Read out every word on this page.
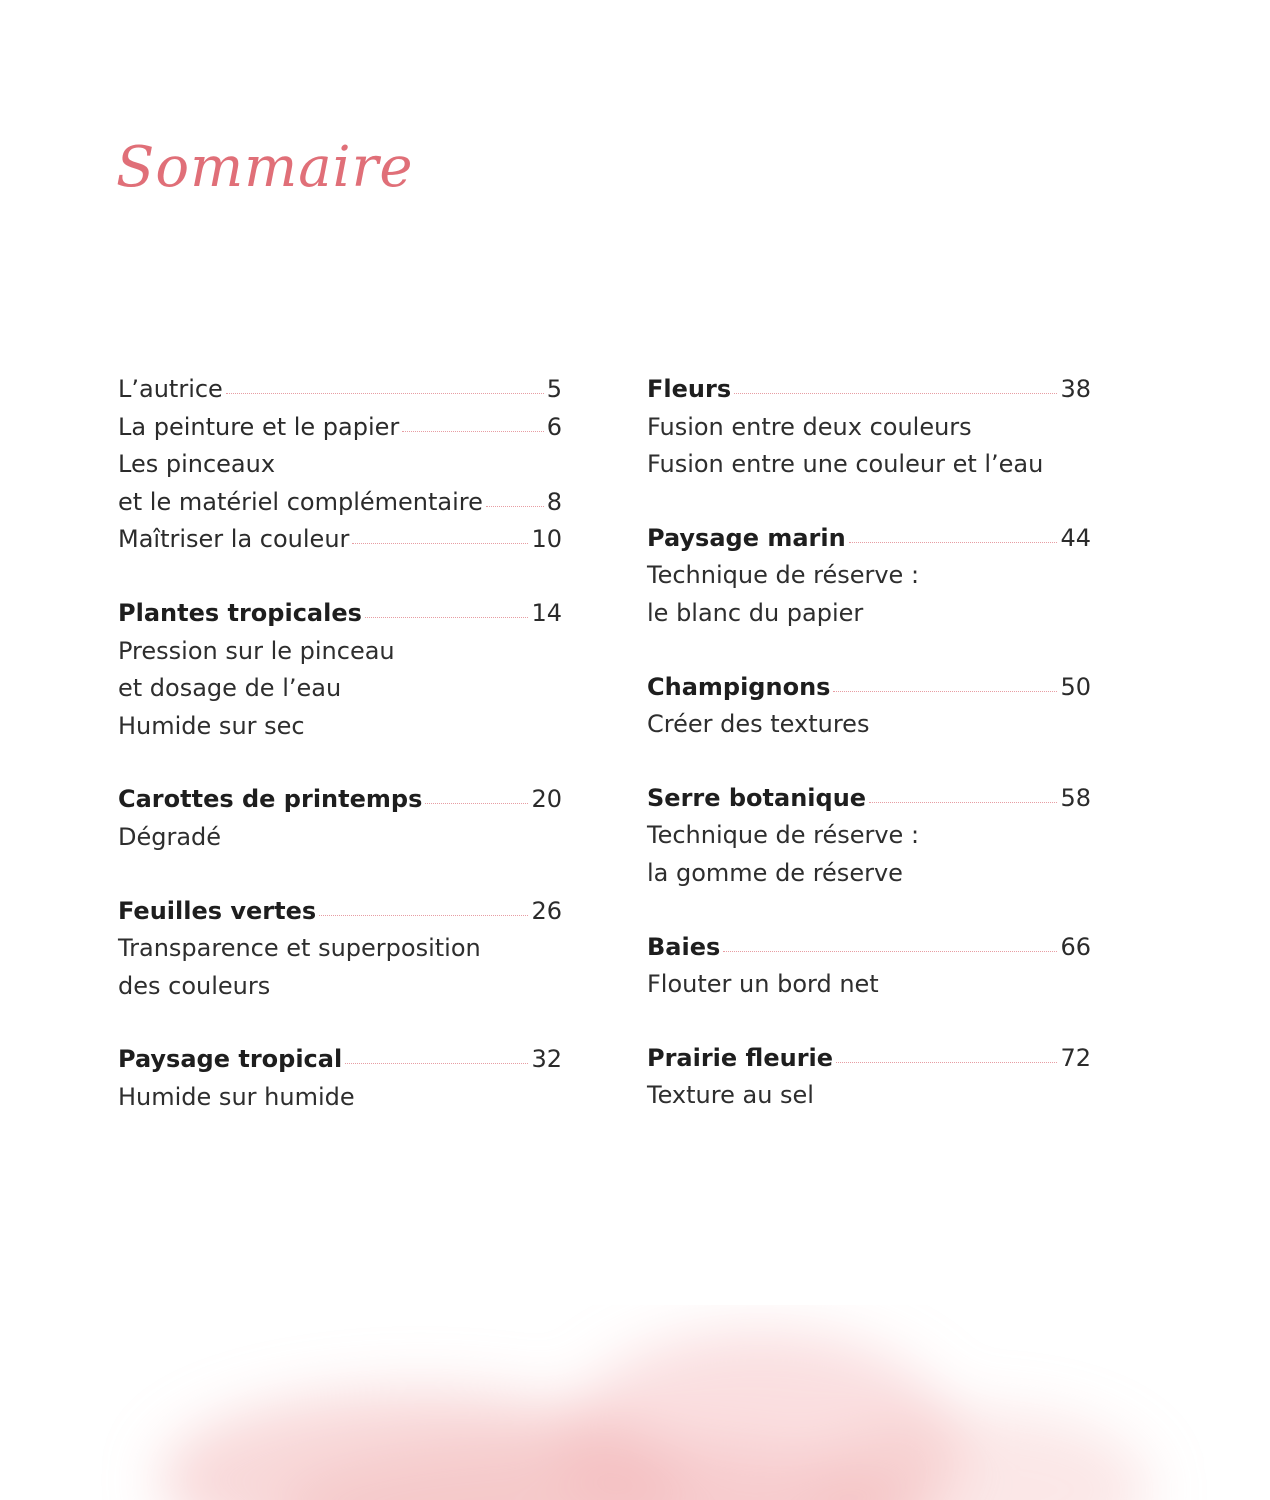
Sommaire
L’autrice	5
La peinture et le papier	6
Les pinceaux
et le matériel complémentaire	8
Maîtriser la couleur	10
Plantes tropicales	14
Pression sur le pinceau
et dosage de l’eau
Humide sur sec
Carottes de printemps	20
Dégradé
Feuilles vertes	26
Transparence et superposition
des couleurs
Paysage tropical	32
Humide sur humide
Fleurs	38
Fusion entre deux couleurs
Fusion entre une couleur et l’eau
Paysage marin	44
Technique de réserve :
le blanc du papier
Champignons	50
Créer des textures
Serre botanique	58
Technique de réserve :
la gomme de réserve
Baies	66
Flouter un bord net
Prairie fleurie	72
Texture au sel
